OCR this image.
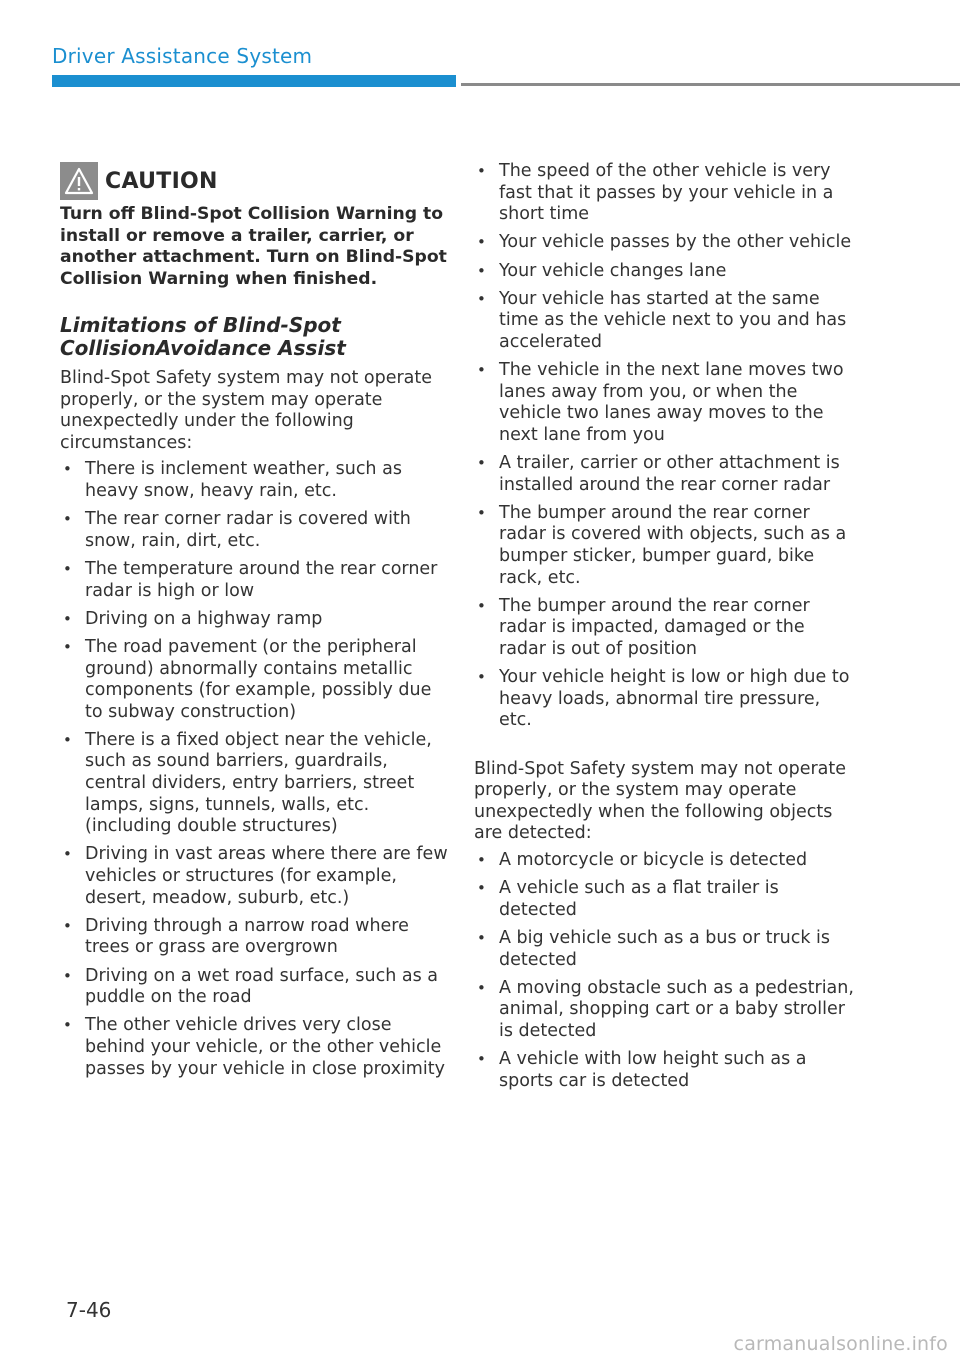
Driver Assistance System
CAUTION

Turn off Blind-Spot Collision Warning to install or remove a trailer, carrier, or another attachment. Turn on Blind-Spot Collision Warning when finished.

Limitations of Blind-Spot CollisionAvoidance Assist

Blind-Spot Safety system may not operate properly, or the system may operate unexpectedly under the following circumstances:

• There is inclement weather, such as heavy snow, heavy rain, etc.
• The rear corner radar is covered with snow, rain, dirt, etc.
• The temperature around the rear corner radar is high or low
• Driving on a highway ramp
• The road pavement (or the peripheral ground) abnormally contains metallic components (for example, possibly due to subway construction)
• There is a fixed object near the vehicle, such as sound barriers, guardrails, central dividers, entry barriers, street lamps, signs, tunnels, walls, etc. (including double structures)
• Driving in vast areas where there are few vehicles or structures (for example, desert, meadow, suburb, etc.)
• Driving through a narrow road where trees or grass are overgrown
• Driving on a wet road surface, such as a puddle on the road
• The other vehicle drives very close behind your vehicle, or the other vehicle passes by your vehicle in close proximity
• The speed of the other vehicle is very fast that it passes by your vehicle in a short time
• Your vehicle passes by the other vehicle
• Your vehicle changes lane
• Your vehicle has started at the same time as the vehicle next to you and has accelerated
• The vehicle in the next lane moves two lanes away from you, or when the vehicle two lanes away moves to the next lane from you
• A trailer, carrier or other attachment is installed around the rear corner radar
• The bumper around the rear corner radar is covered with objects, such as a bumper sticker, bumper guard, bike rack, etc.
• The bumper around the rear corner radar is impacted, damaged or the radar is out of position
• Your vehicle height is low or high due to heavy loads, abnormal tire pressure, etc.

Blind-Spot Safety system may not operate properly, or the system may operate unexpectedly when the following objects are detected:

• A motorcycle or bicycle is detected
• A vehicle such as a flat trailer is detected
• A big vehicle such as a bus or truck is detected
• A moving obstacle such as a pedestrian, animal, shopping cart or a baby stroller is detected
• A vehicle with low height such as a sports car is detected
7-46
carmanualsonline.info
